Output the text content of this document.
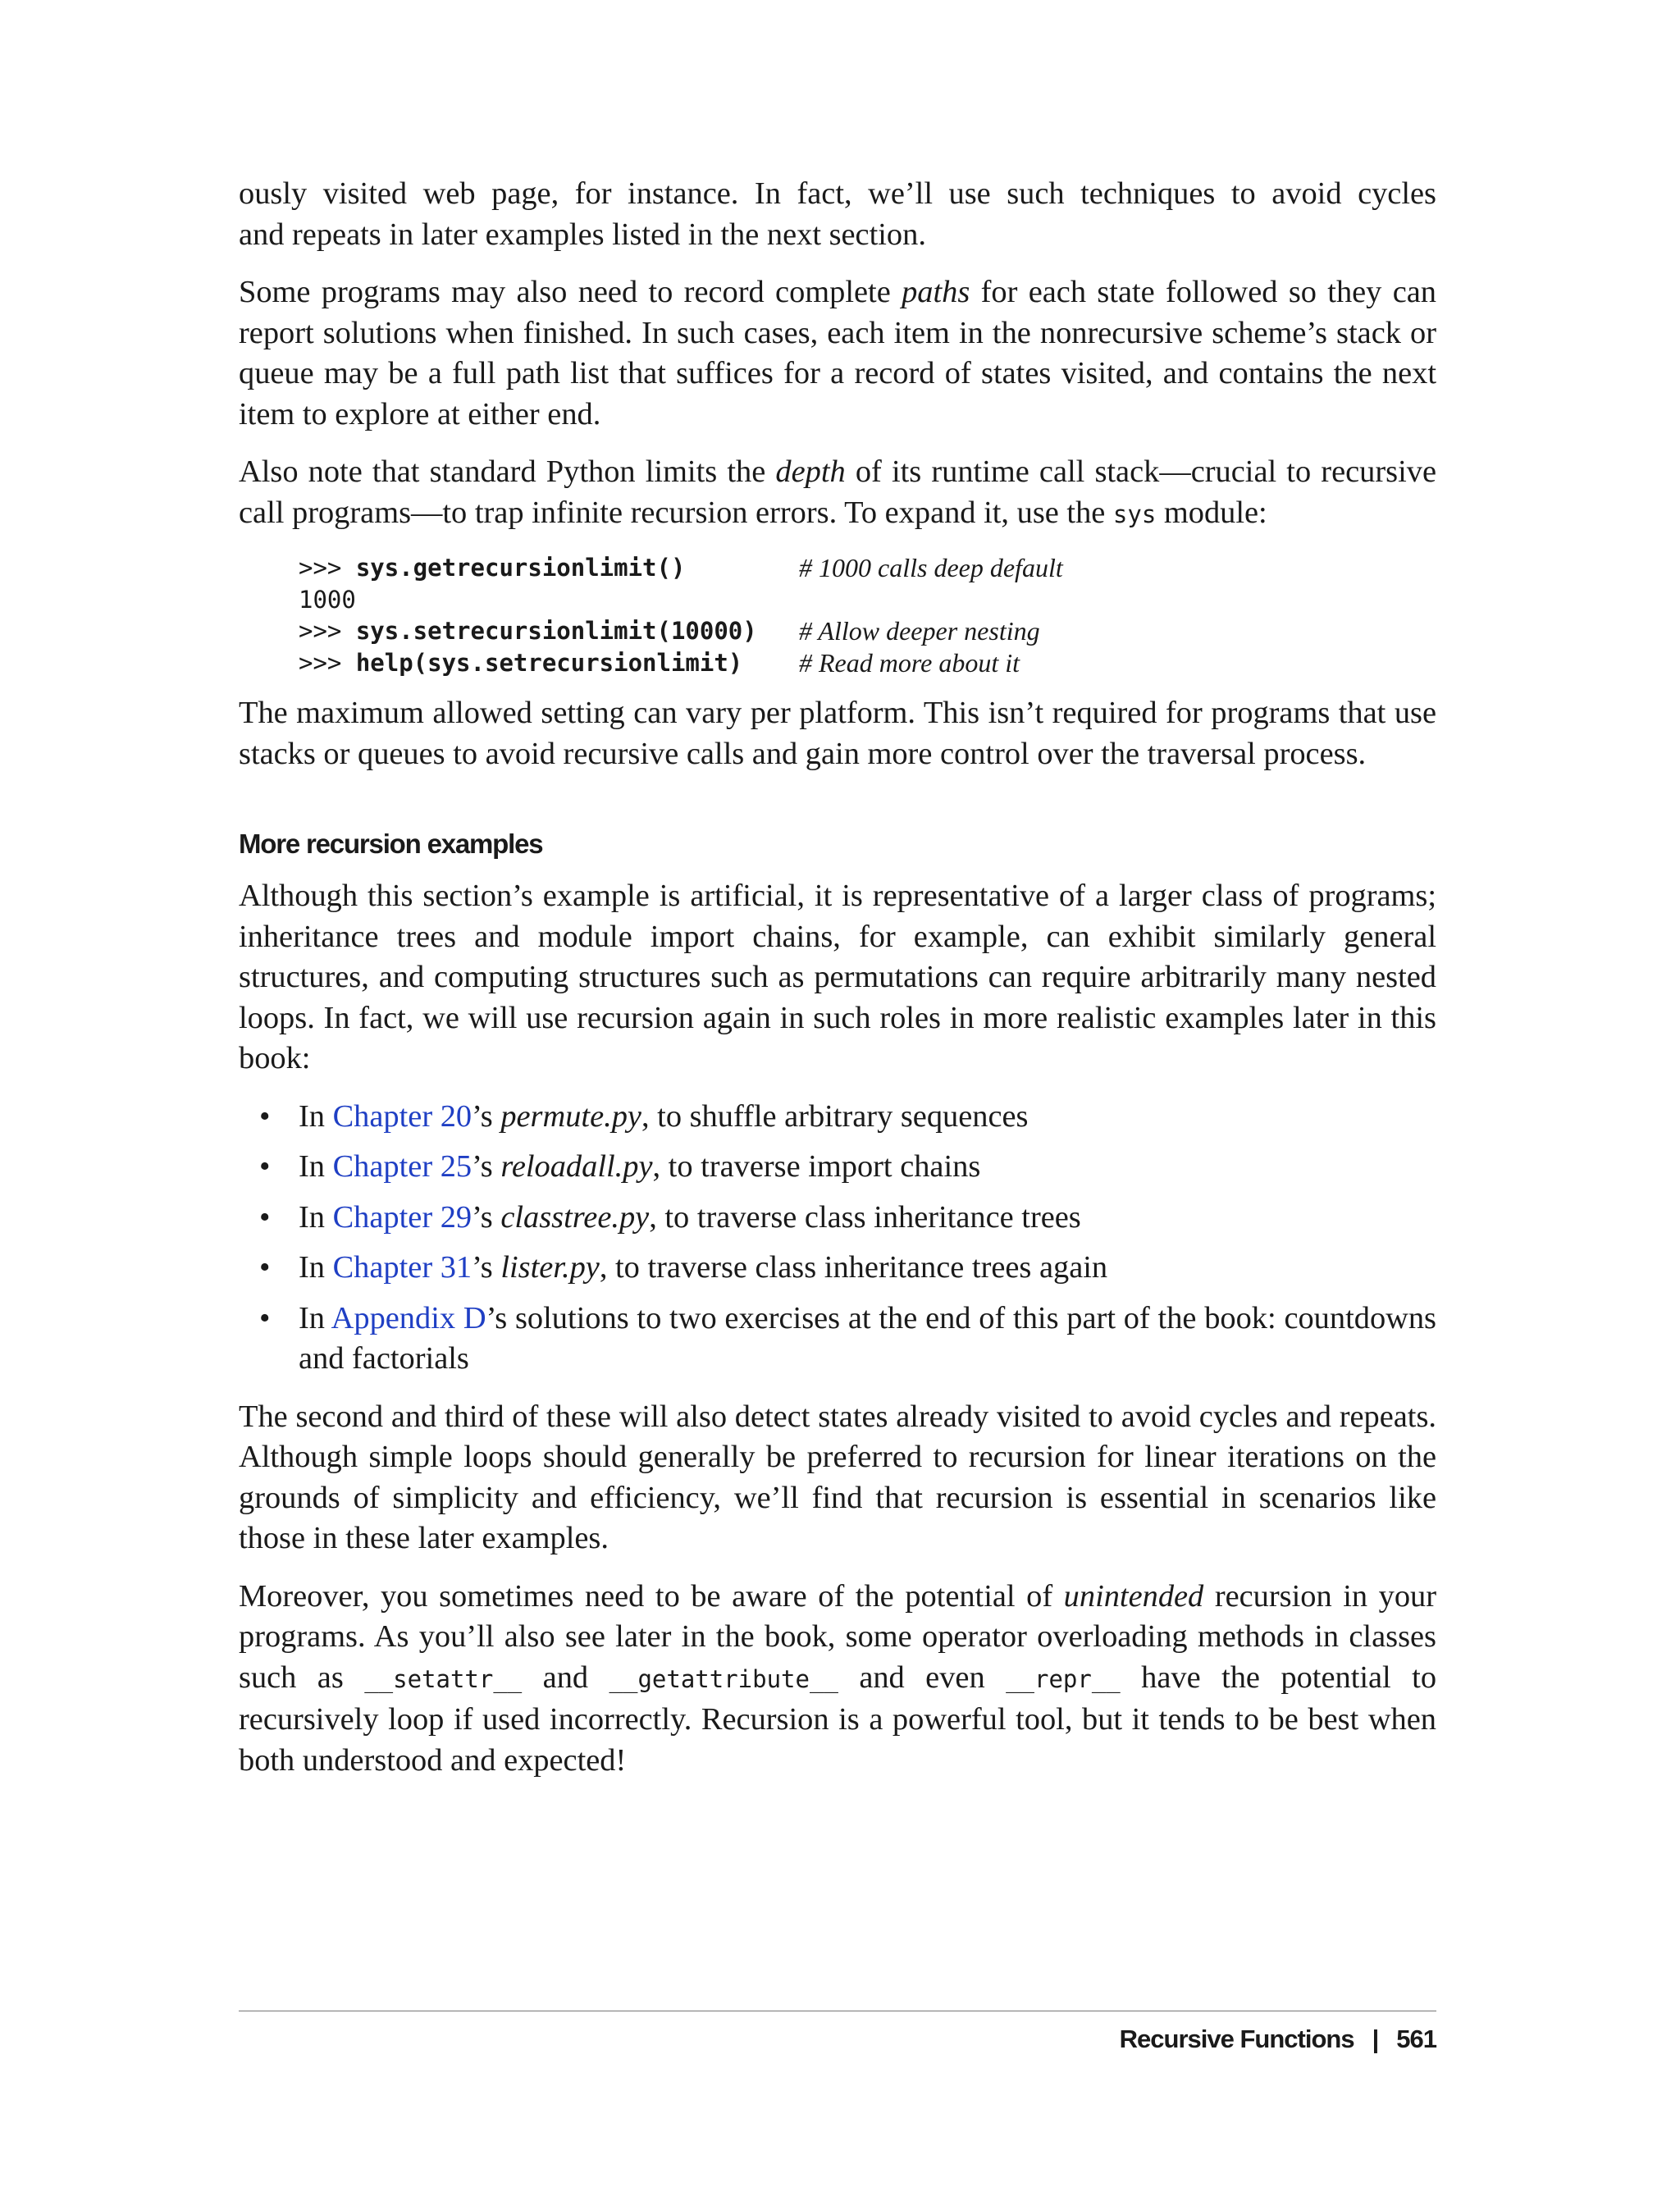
ously visited web page, for instance. In fact, we’ll use such techniques to avoid cycles
and repeats in later examples listed in the next section.

Some programs may also need to record complete paths for each state followed so they can report solutions when finished. In such cases, each item in the nonrecursive scheme’s stack or queue may be a full path list that suffices for a record of states visited, and contains the next item to explore at either end.

Also note that standard Python limits the depth of its runtime call stack—crucial to recursive call programs—to trap infinite recursion errors. To expand it, use the sys module:

>>> sys.getrecursionlimit()	# 1000 calls deep default
1000
>>> sys.setrecursionlimit(10000)	# Allow deeper nesting
>>> help(sys.setrecursionlimit)	# Read more about it

The maximum allowed setting can vary per platform. This isn’t required for programs that use stacks or queues to avoid recursive calls and gain more control over the traversal process.

More recursion examples

Although this section’s example is artificial, it is representative of a larger class of programs; inheritance trees and module import chains, for example, can exhibit similarly general structures, and computing structures such as permutations can require arbitrarily many nested loops. In fact, we will use recursion again in such roles in more realistic examples later in this book:

• In Chapter 20’s permute.py, to shuffle arbitrary sequences
• In Chapter 25’s reloadall.py, to traverse import chains
• In Chapter 29’s classtree.py, to traverse class inheritance trees
• In Chapter 31’s lister.py, to traverse class inheritance trees again
• In Appendix D’s solutions to two exercises at the end of this part of the book: countdowns and factorials

The second and third of these will also detect states already visited to avoid cycles and repeats. Although simple loops should generally be preferred to recursion for linear iterations on the grounds of simplicity and efficiency, we’ll find that recursion is essential in scenarios like those in these later examples.

Moreover, you sometimes need to be aware of the potential of unintended recursion in your programs. As you’ll also see later in the book, some operator overloading methods in classes such as __setattr__ and __getattribute__ and even __repr__ have the potential to recursively loop if used incorrectly. Recursion is a powerful tool, but it tends to be best when both understood and expected!

Recursive Functions | 561
